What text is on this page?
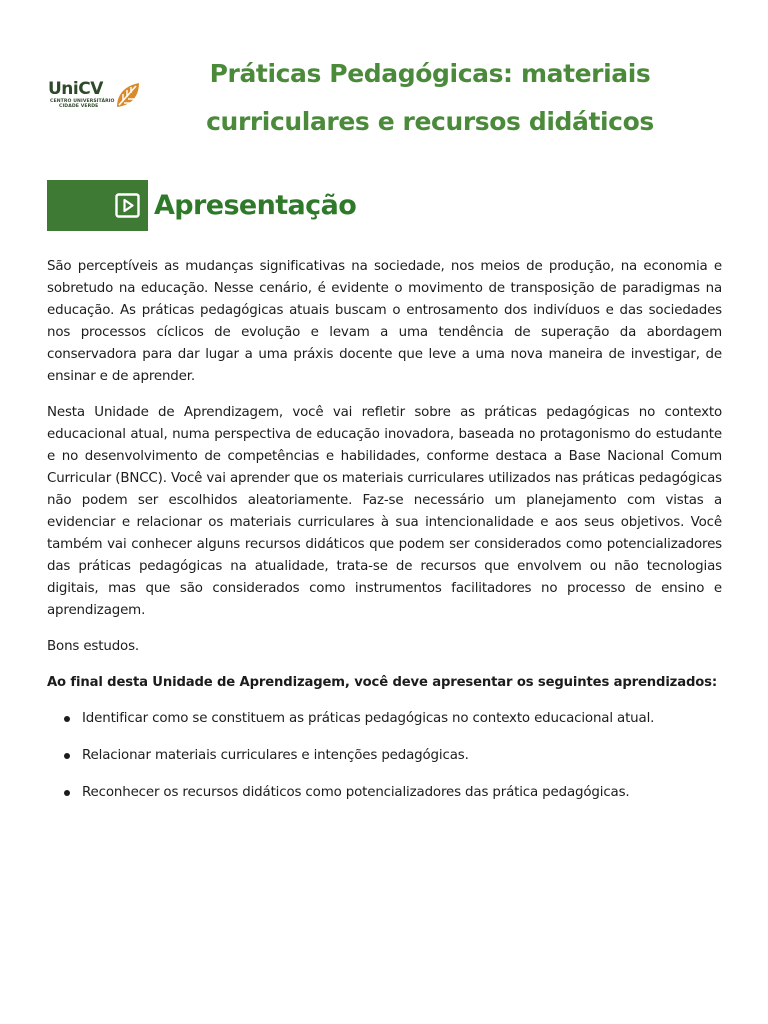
UniCV
CENTRO UNIVERSITÁRIO
CIDADE VERDE
Práticas Pedagógicas: materiais
curriculares e recursos didáticos
Apresentação

São perceptíveis as mudanças significativas na sociedade, nos meios de produção, na economia e sobretudo na educação. Nesse cenário, é evidente o movimento de transposição de paradigmas na educação. As práticas pedagógicas atuais buscam o entrosamento dos indivíduos e das sociedades nos processos cíclicos de evolução e levam a uma tendência de superação da abordagem conservadora para dar lugar a uma práxis docente que leve a uma nova maneira de investigar, de ensinar e de aprender.

Nesta Unidade de Aprendizagem, você vai refletir sobre as práticas pedagógicas no contexto educacional atual, numa perspectiva de educação inovadora, baseada no protagonismo do estudante e no desenvolvimento de competências e habilidades, conforme destaca a Base Nacional Comum Curricular (BNCC). Você vai aprender que os materiais curriculares utilizados nas práticas pedagógicas não podem ser escolhidos aleatoriamente. Faz-se necessário um planejamento com vistas a evidenciar e relacionar os materiais curriculares à sua intencionalidade e aos seus objetivos. Você também vai conhecer alguns recursos didáticos que podem ser considerados como potencializadores das práticas pedagógicas na atualidade, trata-se de recursos que envolvem ou não tecnologias digitais, mas que são considerados como instrumentos facilitadores no processo de ensino e aprendizagem.

Bons estudos.

Ao final desta Unidade de Aprendizagem, você deve apresentar os seguintes aprendizados:

Identificar como se constituem as práticas pedagógicas no contexto educacional atual.
Relacionar materiais curriculares e intenções pedagógicas.
Reconhecer os recursos didáticos como potencializadores das prática pedagógicas.
